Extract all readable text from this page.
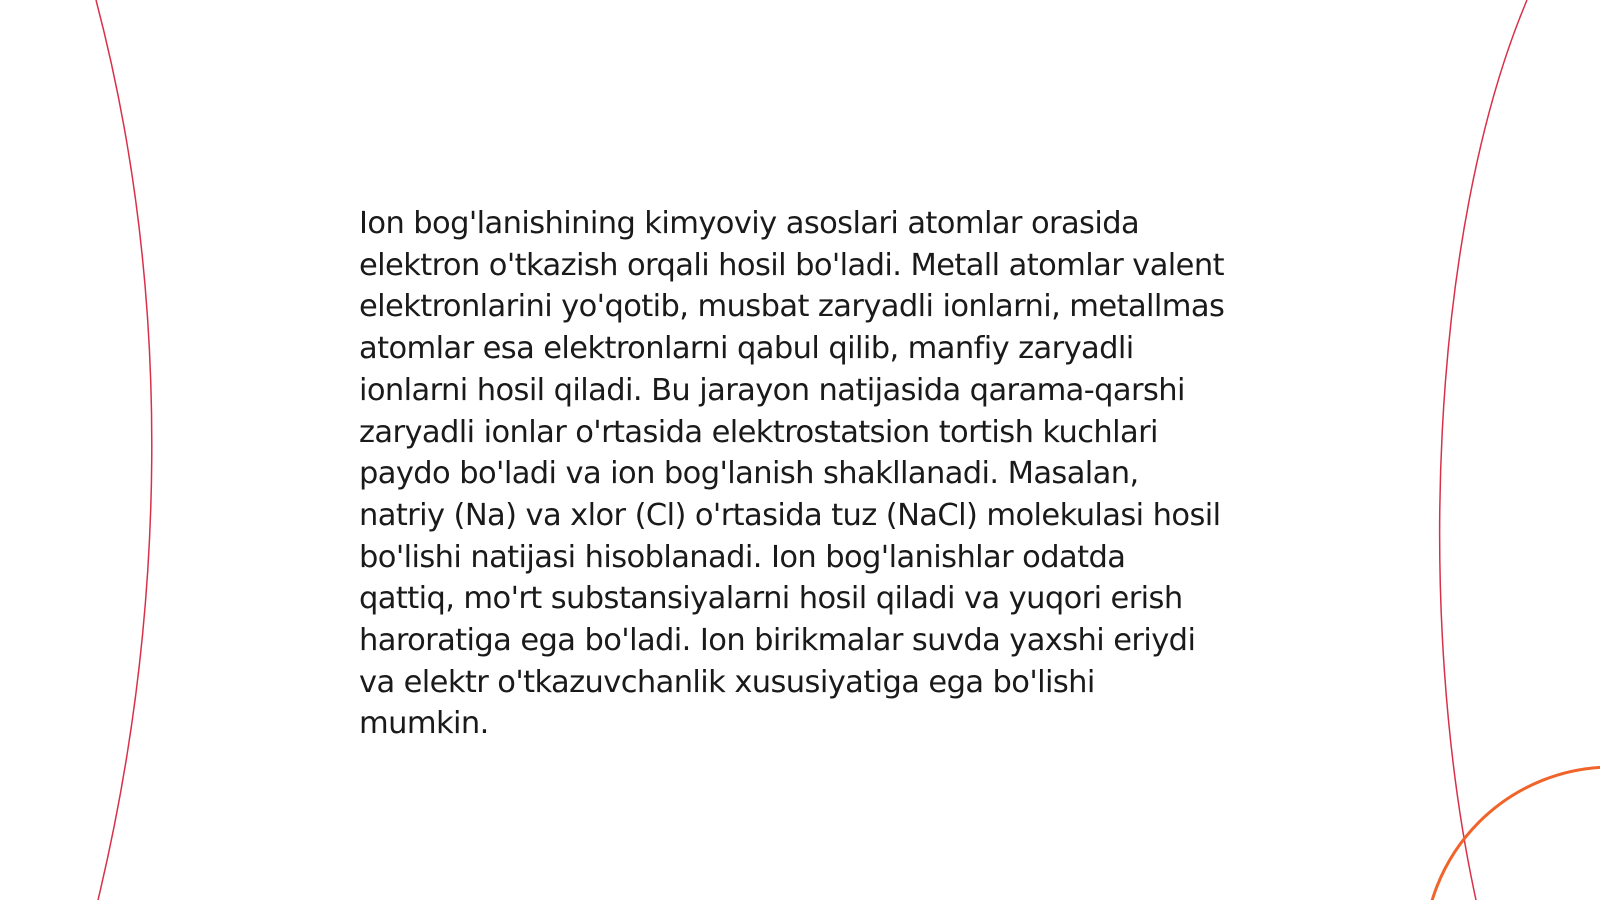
Ion bog'lanishining kimyoviy asoslari atomlar orasida elektron o'tkazish orqali hosil bo'ladi. Metall atomlar valent elektronlarini yo'qotib, musbat zaryadli ionlarni, metallmas atomlar esa elektronlarni qabul qilib, manfiy zaryadli ionlarni hosil qiladi. Bu jarayon natijasida qarama-qarshi zaryadli ionlar o'rtasida elektrostatsion tortish kuchlari paydo bo'ladi va ion bog'lanish shakllanadi. Masalan, natriy (Na) va xlor (Cl) o'rtasida tuz (NaCl) molekulasi hosil bo'lishi natijasi hisoblanadi. Ion bog'lanishlar odatda qattiq, mo'rt substansiyalarni hosil qiladi va yuqori erish haroratiga ega bo'ladi. Ion birikmalar suvda yaxshi eriydi va elektr o'tkazuvchanlik xususiyatiga ega bo'lishi mumkin.
